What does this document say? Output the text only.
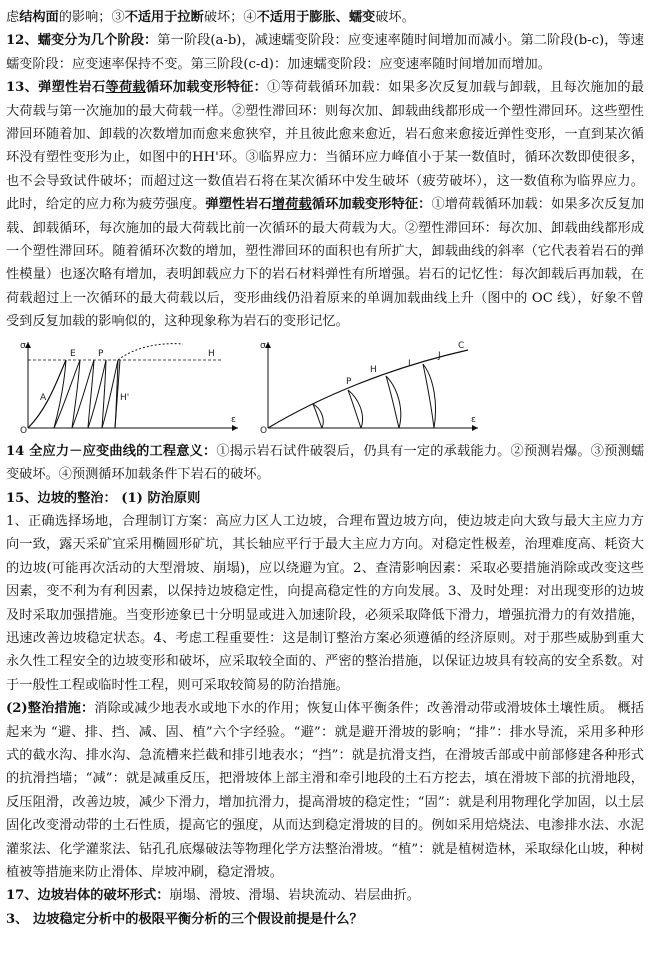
虑结构面的影响；③不适用于拉断破坏；④不适用于膨胀、蠕变破坏。

12、蠕变分为几个阶段：第一阶段(a-b)，减速蠕变阶段：应变速率随时间增加而减小。第二阶段(b-c)，等速蠕变阶段：应变速率保持不变。第三阶段(c-d)：加速蠕变阶段：应变速率随时间增加而增加。

13、弹塑性岩石等荷载循环加载变形特征：①等荷载循环加载：如果多次反复加载与卸载，且每次施加的最大荷载与第一次施加的最大荷载一样。②塑性滞回环：则每次加、卸载曲线都形成一个塑性滞回环。这些塑性滞回环随着加、卸载的次数增加而愈来愈狭窄，并且彼此愈来愈近，岩石愈来愈接近弹性变形，一直到某次循环没有塑性变形为止，如图中的HH'环。③临界应力：当循环应力峰值小于某一数值时，循环次数即使很多，也不会导致试件破坏；而超过这一数值岩石将在某次循环中发生破坏（疲劳破坏），这一数值称为临界应力。此时，给定的应力称为疲劳强度。弹塑性岩石增荷载循环加载变形特征：①增荷载循环加载：如果多次反复加载、卸载循环，每次施加的最大荷载比前一次循环的最大荷载为大。②塑性滞回环：每次加、卸载曲线都形成一个塑性滞回环。随着循环次数的增加，塑性滞回环的面积也有所扩大，卸载曲线的斜率（它代表着岩石的弹性模量）也逐次略有增加，表明卸载应力下的岩石材料弹性有所增强。岩石的记忆性：每次卸载后再加载，在荷载超过上一次循环的最大荷载以后，变形曲线仍沿着原来的单调加载曲线上升（图中的 OC 线），好象不曾受到反复加载的影响似的，这种现象称为岩石的变形记忆。

σ
O
ε
E P	H
H'
A
σ
O
ε
P
C
H
I
J

14 全应力－应变曲线的工程意义：①揭示岩石试件破裂后，仍具有一定的承载能力。②预测岩爆。③预测蠕变破坏。④预测循环加载条件下岩石的破坏。

15、边坡的整治： (1) 防治原则

1、正确选择场地，合理制订方案：高应力区人工边坡，合理布置边坡方向，使边坡走向大致与最大主应力方向一致，露天采矿宜采用椭圆形矿坑，其长轴应平行于最大主应力方向。对稳定性极差，治理难度高、耗资大的边坡(可能再次活动的大型滑坡、崩塌)，应以绕避为宜。2、查清影响因素：采取必要措施消除或改变这些因素，变不利为有利因素，以保持边坡稳定性，向提高稳定性的方向发展。3、及时处理：对出现变形的边坡及时采取加强措施。当变形迹象已十分明显或进入加速阶段，必须采取降低下滑力，增强抗滑力的有效措施，迅速改善边坡稳定状态。4、考虑工程重要性：这是制订整治方案必须遵循的经济原则。对于那些威胁到重大永久性工程安全的边坡变形和破坏，应采取较全面的、严密的整治措施，以保证边坡具有较高的安全系数。对于一般性工程或临时性工程，则可采取较简易的防治措施。

(2)整治措施：消除或减少地表水或地下水的作用；恢复山体平衡条件；改善滑动带或滑坡体土壤性质。 概括起来为 “避、排、挡、减、固、植”六个字经验。“避”：就是避开滑坡的影响；“排”：排水导流，采用多种形式的截水沟、排水沟、急流槽来拦截和排引地表水；“挡”：就是抗滑支挡，在滑坡舌部或中前部修建各种形式的抗滑挡墙；“减”：就是减重反压，把滑坡体上部主滑和牵引地段的土石方挖去，填在滑坡下部的抗滑地段，反压阻滑，改善边坡，减少下滑力，增加抗滑力，提高滑坡的稳定性；“固”：就是利用物理化学加固，以土层固化改变滑动带的土石性质，提高它的强度，从而达到稳定滑坡的目的。例如采用焙烧法、电渗排水法、水泥灌浆法、化学灌浆法、钻孔孔底爆破法等物理化学方法整治滑坡。“植”：就是植树造林，采取绿化山坡，种树植被等措施来防止滑体、岸坡冲刷，稳定滑坡。

17、边坡岩体的破坏形式：崩塌、滑坡、滑塌、岩块流动、岩层曲折。

3、 边坡稳定分析中的极限平衡分析的三个假设前提是什么？
